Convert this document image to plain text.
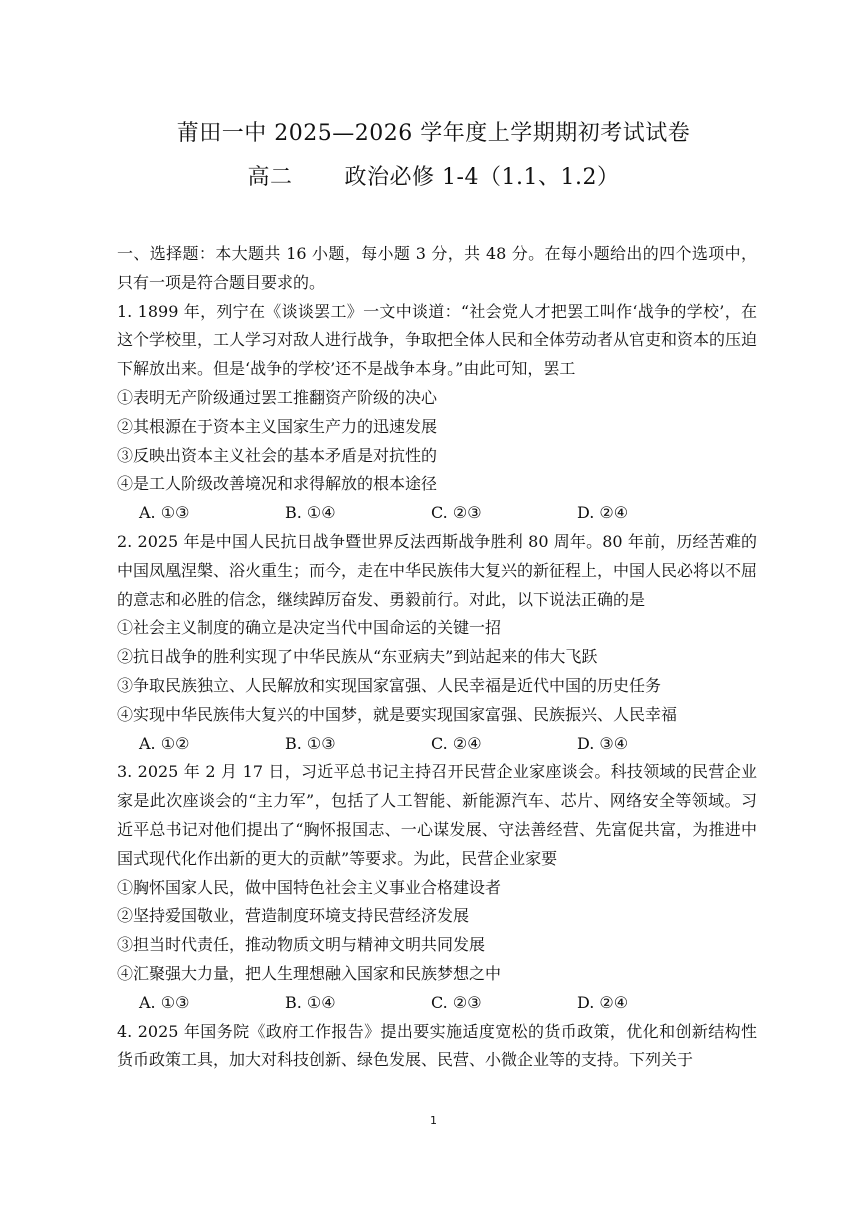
莆田一中 2025—2026 学年度上学期期初考试试卷
高二 政治必修 1-4（1.1、1.2）

一、选择题：本大题共 16 小题，每小题 3 分，共 48 分。在每小题给出的四个选项中，只有一项是符合题目要求的。

1. 1899 年，列宁在《谈谈罢工》一文中谈道：“社会党人才把罢工叫作‘战争的学校’，在这个学校里，工人学习对敌人进行战争，争取把全体人民和全体劳动者从官吏和资本的压迫下解放出来。但是‘战争的学校’还不是战争本身。”由此可知，罢工

①表明无产阶级通过罢工推翻资产阶级的决心

②其根源在于资本主义国家生产力的迅速发展

③反映出资本主义社会的基本矛盾是对抗性的

④是工人阶级改善境况和求得解放的根本途径

A. ①③	B. ①④	C. ②③	D. ②④

2. 2025 年是中国人民抗日战争暨世界反法西斯战争胜利 80 周年。80 年前，历经苦难的中国凤凰涅槃、浴火重生；而今，走在中华民族伟大复兴的新征程上，中国人民必将以不屈的意志和必胜的信念，继续踔厉奋发、勇毅前行。对此，以下说法正确的是

①社会主义制度的确立是决定当代中国命运的关键一招

②抗日战争的胜利实现了中华民族从“东亚病夫”到站起来的伟大飞跃

③争取民族独立、人民解放和实现国家富强、人民幸福是近代中国的历史任务

④实现中华民族伟大复兴的中国梦，就是要实现国家富强、民族振兴、人民幸福

A. ①②	B. ①③	C. ②④	D. ③④

3. 2025 年 2 月 17 日，习近平总书记主持召开民营企业家座谈会。科技领域的民营企业家是此次座谈会的“主力军”，包括了人工智能、新能源汽车、芯片、网络安全等领域。习近平总书记对他们提出了“胸怀报国志、一心谋发展、守法善经营、先富促共富，为推进中国式现代化作出新的更大的贡献”等要求。为此，民营企业家要

①胸怀国家人民，做中国特色社会主义事业合格建设者

②坚持爱国敬业，营造制度环境支持民营经济发展

③担当时代责任，推动物质文明与精神文明共同发展

④汇聚强大力量，把人生理想融入国家和民族梦想之中

A. ①③	B. ①④	C. ②③	D. ②④

4. 2025 年国务院《政府工作报告》提出要实施适度宽松的货币政策，优化和创新结构性货币政策工具，加大对科技创新、绿色发展、民营、小微企业等的支持。下列关于

1
